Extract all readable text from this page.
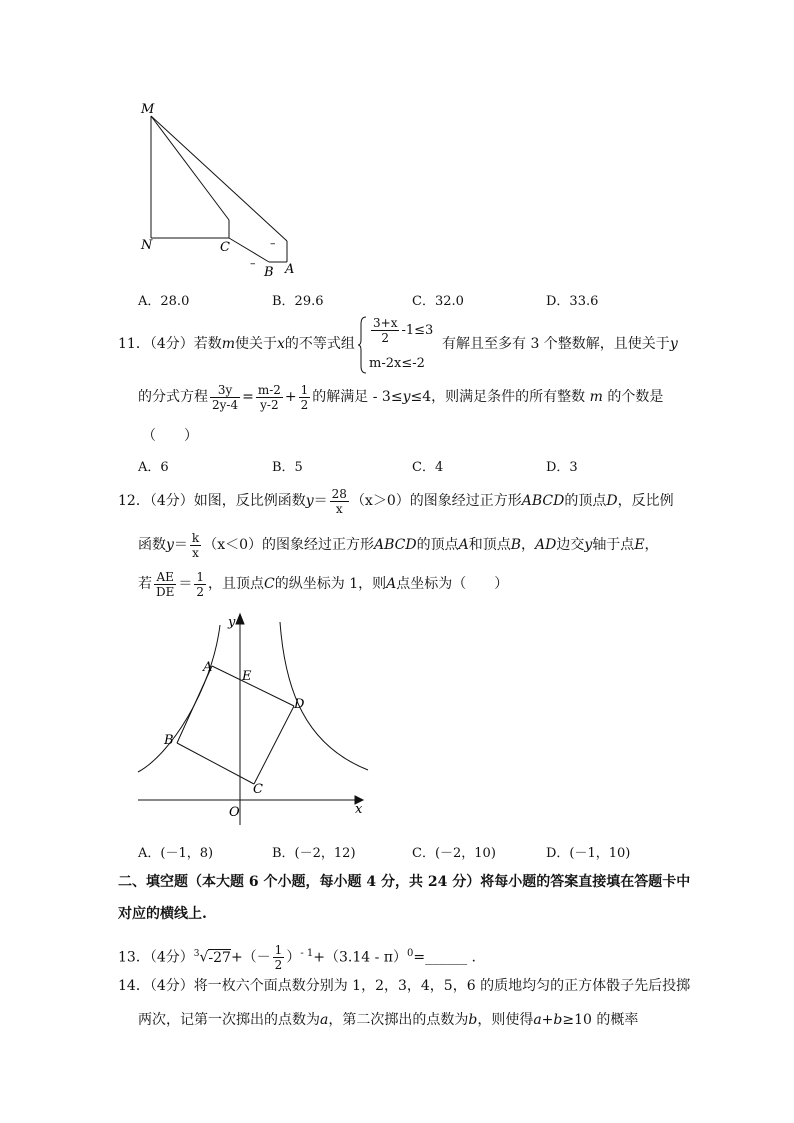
M
N	C
B A
–
–
A．28.0	B．29.6	C．32.0	D．33.6
11．（4分）若数m使关于x的不等式组 $\frac{3+x}{2} -1\le 3$
m-2x≤-2
有解且至多有 3 个整数解，且使关于y
的分式方程 $\frac{3y}{2y-4} = \frac{m-2}{y-2} + \frac{1}{2}$ 的解满足 - 3≤y≤4，则满足条件的所有整数 m 的个数是
（　　）
A．6	B．5	C．4	D．3
12．（4分）如图，反比例函数$y= \frac{28}{x} (x>0)$的图象经过正方形ABCD的顶点D，反比例
函数$y= \frac{k}{x} (x<0)$的图象经过正方形ABCD的顶点A和顶点B，AD边交y轴于点E，
若 $\frac{AE}{DE} = \frac{1}{2}$ ，且顶点C的纵坐标为 1，则A点坐标为（　　）
y
x
O
A
E
D
B
C
A．(－1，8)	B．(－2，12)	C．(－2，10)	D．(－1，10)
二、填空题（本大题 6 个小题，每小题 4 分，共 24 分）将每小题的答案直接填在答题卡中
对应的横线上.
13．（4分）$^3√-27+(- \frac{1}{2} )^{- 1}+(3.14$ - π）$^0$=______ .
14．（4分）将一枚六个面点数分别为 1，2，3，4，5，6 的质地均匀的正方体骰子先后投掷
两次，记第一次掷出的点数为a，第二次掷出的点数为b，则使得a+b≥10 的概率
